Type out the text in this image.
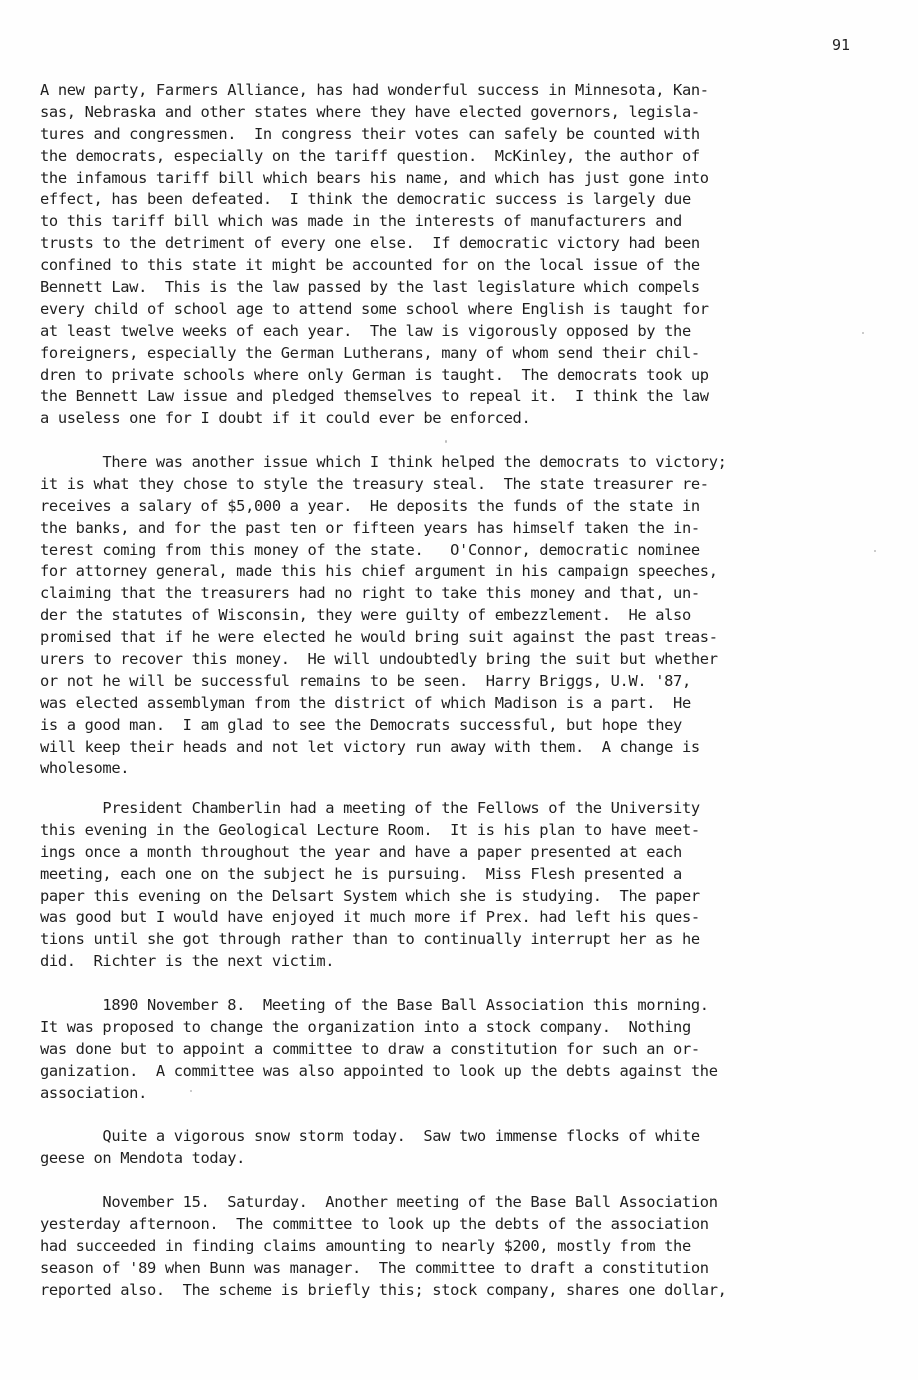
91
A new party, Farmers Alliance, has had wonderful success in Minnesota, Kan-
sas, Nebraska and other states where they have elected governors, legisla-
tures and congressmen.  In congress their votes can safely be counted with
the democrats, especially on the tariff question.  McKinley, the author of
the infamous tariff bill which bears his name, and which has just gone into
effect, has been defeated.  I think the democratic success is largely due
to this tariff bill which was made in the interests of manufacturers and
trusts to the detriment of every one else.  If democratic victory had been
confined to this state it might be accounted for on the local issue of the
Bennett Law.  This is the law passed by the last legislature which compels
every child of school age to attend some school where English is taught for
at least twelve weeks of each year.  The law is vigorously opposed by the
foreigners, especially the German Lutherans, many of whom send their chil-
dren to private schools where only German is taught.  The democrats took up
the Bennett Law issue and pledged themselves to repeal it.  I think the law
a useless one for I doubt if it could ever be enforced.
There was another issue which I think helped the democrats to victory;
it is what they chose to style the treasury steal.  The state treasurer re-
receives a salary of $5,000 a year.  He deposits the funds of the state in
the banks, and for the past ten or fifteen years has himself taken the in-
terest coming from this money of the state.   O'Connor, democratic nominee
for attorney general, made this his chief argument in his campaign speeches,
claiming that the treasurers had no right to take this money and that, un-
der the statutes of Wisconsin, they were guilty of embezzlement.  He also
promised that if he were elected he would bring suit against the past treas-
urers to recover this money.  He will undoubtedly bring the suit but whether
or not he will be successful remains to be seen.  Harry Briggs, U.W. '87,
was elected assemblyman from the district of which Madison is a part.  He
is a good man.  I am glad to see the Democrats successful, but hope they
will keep their heads and not let victory run away with them.  A change is
wholesome.
President Chamberlin had a meeting of the Fellows of the University
this evening in the Geological Lecture Room.  It is his plan to have meet-
ings once a month throughout the year and have a paper presented at each
meeting, each one on the subject he is pursuing.  Miss Flesh presented a
paper this evening on the Delsart System which she is studying.  The paper
was good but I would have enjoyed it much more if Prex. had left his ques-
tions until she got through rather than to continually interrupt her as he
did.  Richter is the next victim.
1890 November 8.  Meeting of the Base Ball Association this morning.
It was proposed to change the organization into a stock company.  Nothing
was done but to appoint a committee to draw a constitution for such an or-
ganization.  A committee was also appointed to look up the debts against the
association.
Quite a vigorous snow storm today.  Saw two immense flocks of white
geese on Mendota today.
November 15.  Saturday.  Another meeting of the Base Ball Association
yesterday afternoon.  The committee to look up the debts of the association
had succeeded in finding claims amounting to nearly $200, mostly from the
season of '89 when Bunn was manager.  The committee to draft a constitution
reported also.  The scheme is briefly this; stock company, shares one dollar,
